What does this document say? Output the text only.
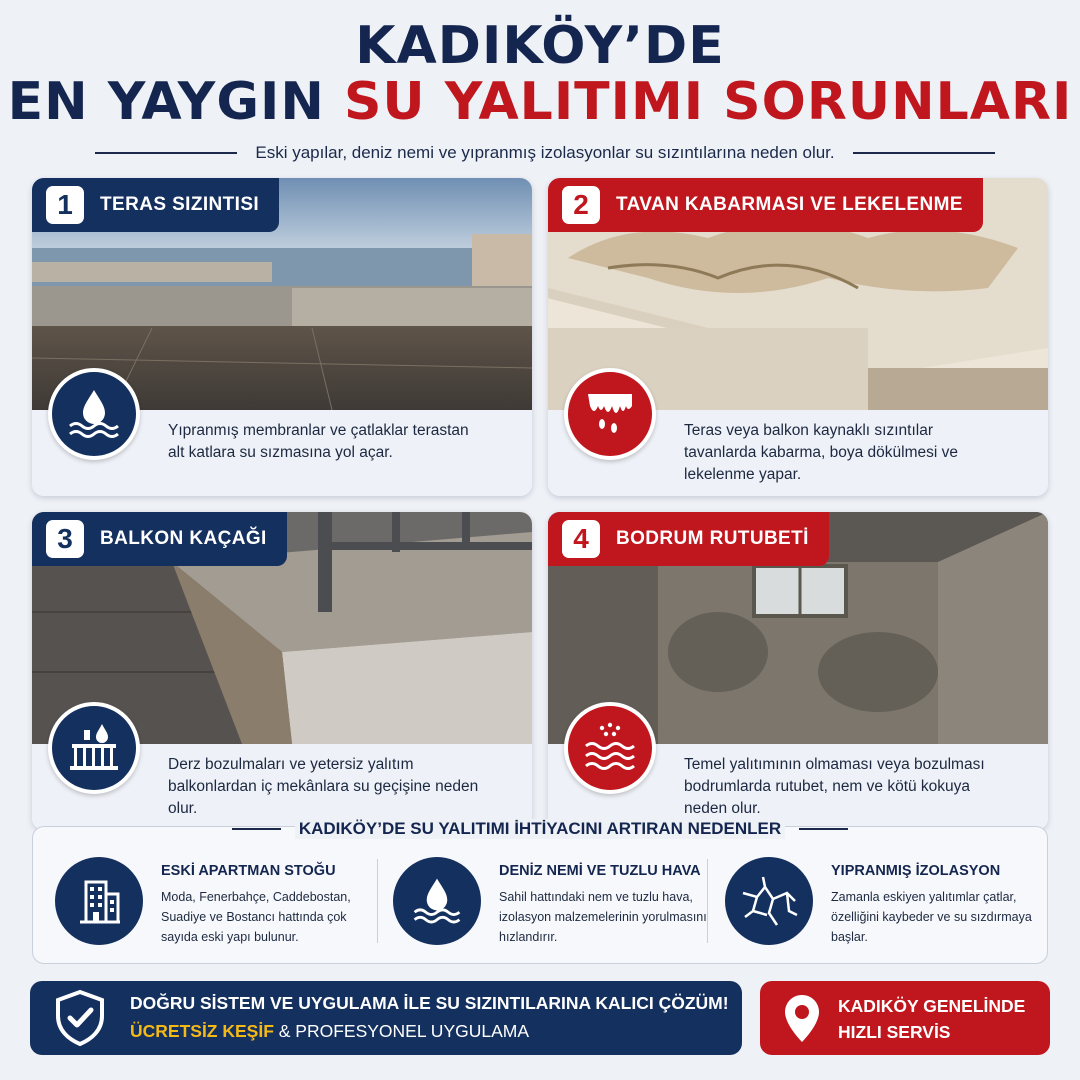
KADIKÖY’DE
EN YAYGIN SU YALITIMI SORUNLARI
Eski yapılar, deniz nemi ve yıpranmış izolasyonlar su sızıntılarına neden olur.
1	TERAS SIZINTISI
Yıpranmış membranlar ve çatlaklar terastan alt katlara su sızmasına yol açar.
2	TAVAN KABARMASI VE LEKELENME
Teras veya balkon kaynaklı sızıntılar tavanlarda kabarma, boya dökülmesi ve lekelenme yapar.
3	BALKON KAÇAĞI
Derz bozulmaları ve yetersiz yalıtım balkonlardan iç mekânlara su geçişine neden olur.
4	BODRUM RUTUBETİ
Temel yalıtımının olmaması veya bozulması bodrumlarda rutubet, nem ve kötü kokuya neden olur.
ESKİ APARTMAN STOĞU
Moda, Fenerbahçe, Caddebostan, Suadiye ve Bostancı hattında çok sayıda eski yapı bulunur.
DENİZ NEMİ VE TUZLU HAVA
Sahil hattındaki nem ve tuzlu hava, izolasyon malzemelerinin yorulmasını hızlandırır.
YIPRANMIŞ İZOLASYON
Zamanla eskiyen yalıtımlar çatlar, özelliğini kaybeder ve su sızdırmaya başlar.
KADIKÖY’DE SU YALITIMI İHTİYACINI ARTIRAN NEDENLER
DOĞRU SİSTEM VE UYGULAMA İLE SU SIZINTILARINA KALICI ÇÖZÜM!
ÜCRETSİZ KEŞİF & PROFESYONEL UYGULAMA
KADIKÖY GENELİNDE
HIZLI SERVİS
